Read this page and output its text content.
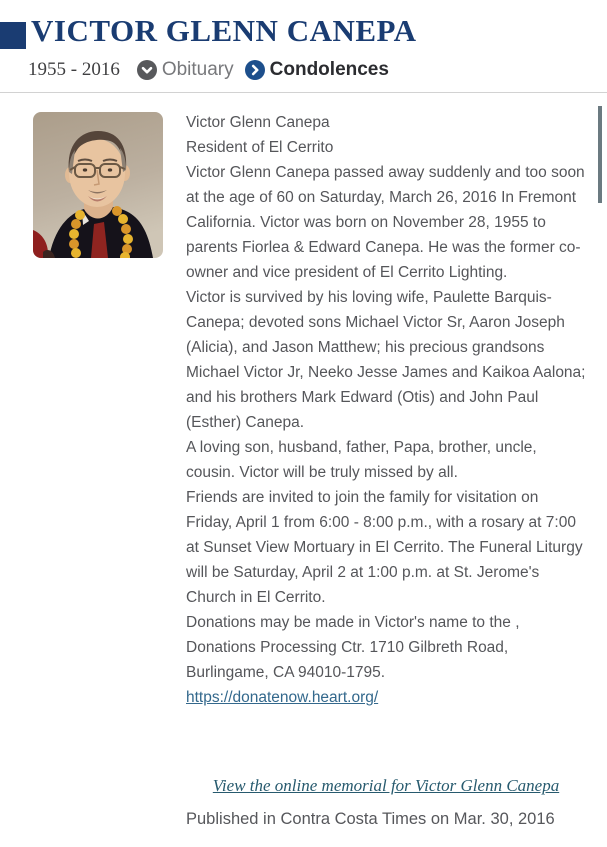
VICTOR GLENN CANEPA
1955 - 2016 Obituary Condolences

Victor Glenn Canepa

Resident of El Cerrito

Victor Glenn Canepa passed away suddenly and too soon at the age of 60 on Saturday, March 26, 2016 In Fremont California. Victor was born on November 28, 1955 to parents Fiorlea & Edward Canepa. He was the former co-owner and vice president of El Cerrito Lighting.

Victor is survived by his loving wife, Paulette Barquis-Canepa; devoted sons Michael Victor Sr, Aaron Joseph (Alicia), and Jason Matthew; his precious grandsons Michael Victor Jr, Neeko Jesse James and Kaikoa Aalona; and his brothers Mark Edward (Otis) and John Paul (Esther) Canepa.

A loving son, husband, father, Papa, brother, uncle, cousin. Victor will be truly missed by all.

Friends are invited to join the family for visitation on Friday, April 1 from 6:00 - 8:00 p.m., with a rosary at 7:00 at Sunset View Mortuary in El Cerrito. The Funeral Liturgy will be Saturday, April 2 at 1:00 p.m. at St. Jerome's Church in El Cerrito.

Donations may be made in Victor's name to the , Donations Processing Ctr. 1710 Gilbreth Road, Burlingame, CA 94010-1795.

https://donatenow.heart.org/

View the online memorial for Victor Glenn Canepa

Published in Contra Costa Times on Mar. 30, 2016
